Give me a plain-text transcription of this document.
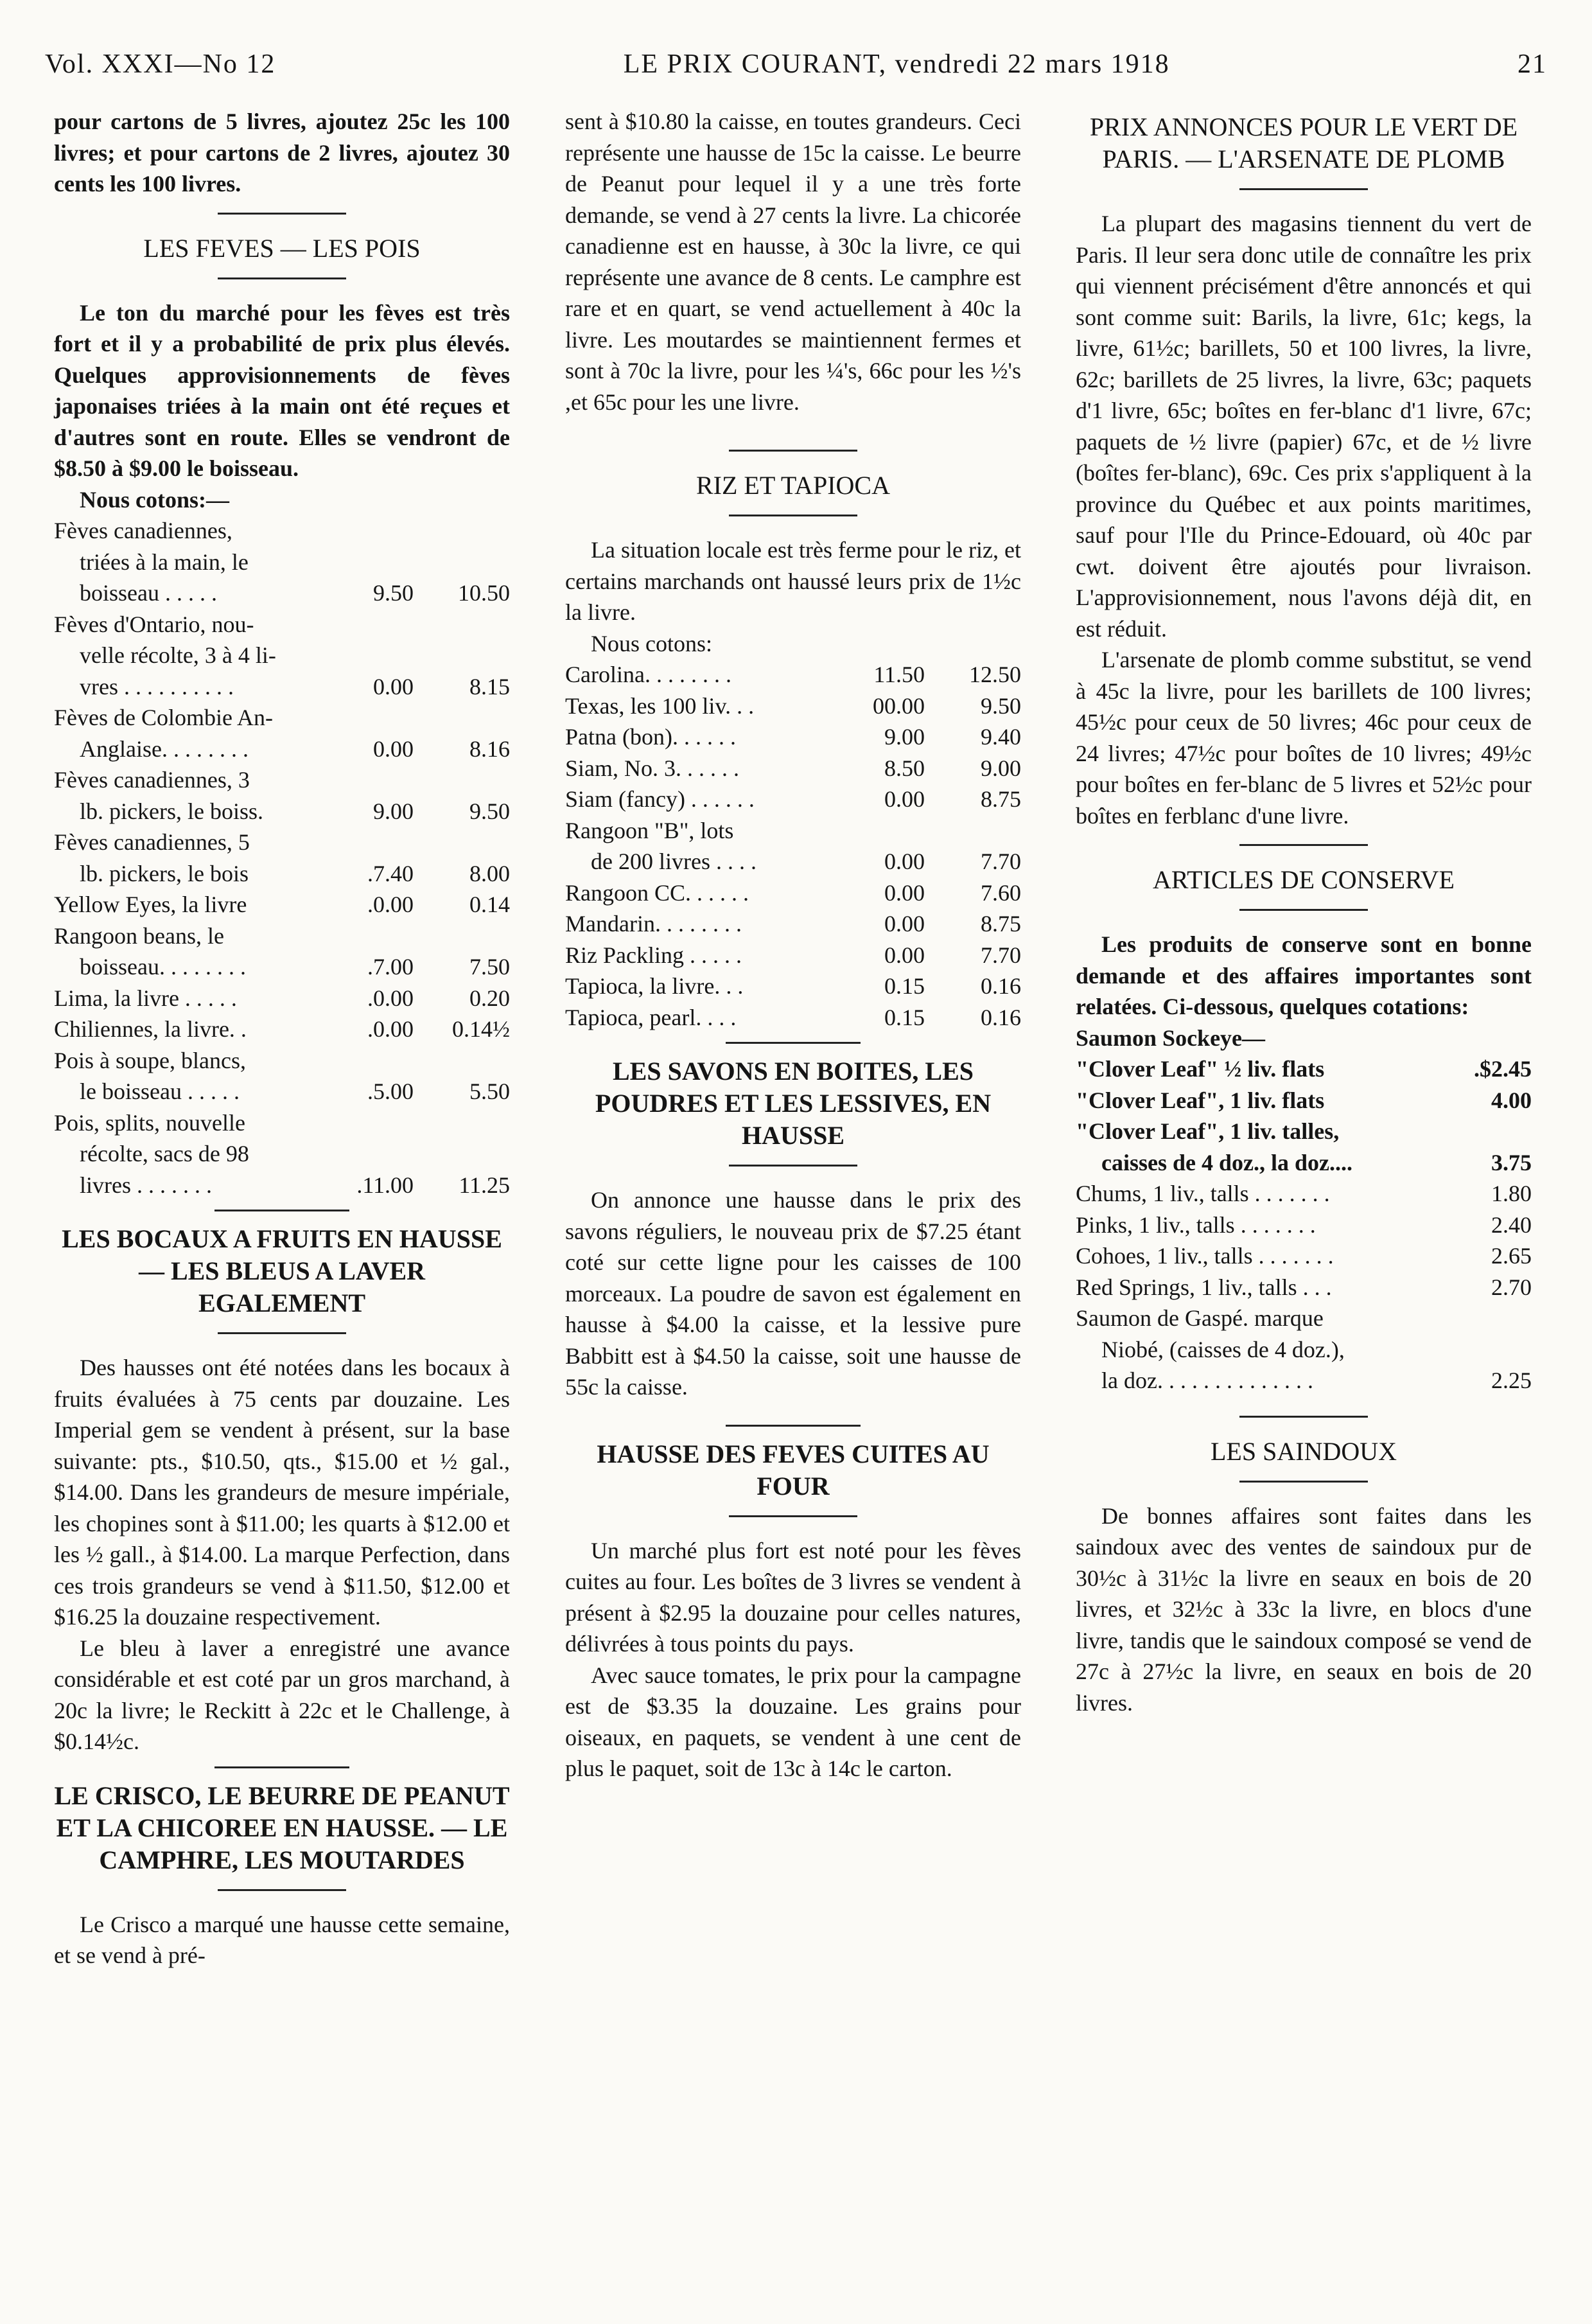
Vol. XXXI—No 12	LE PRIX COURANT, vendredi 22 mars 1918	21

pour cartons de 5 livres, ajoutez 25c les 100 livres; et pour cartons de 2 livres, ajoutez 30 cents les 100 livres.

LES FEVES — LES POIS

Le ton du marché pour les fèves est très fort et il y a probabilité de prix plus élevés. Quelques approvisionnements de fèves japonaises triées à la main ont été reçues et d'autres sont en route. Elles se vendront de $8.50 à $9.00 le boisseau.

Nous cotons:—

Fèves canadiennes,
triées à la main, le
boisseau . . . . .	9.50	10.50
Fèves d'Ontario, nou-
velle récolte, 3 à 4 li-
vres . . . . . . . . . .	0.00	8.15
Fèves de Colombie An-
Anglaise. . . . . . . .	0.00	8.16
Fèves canadiennes, 3
lb. pickers, le boiss.	9.00	9.50
Fèves canadiennes, 5
lb. pickers, le bois	.7.40	8.00
Yellow Eyes, la livre	.0.00	0.14
Rangoon beans, le
boisseau. . . . . . . .	.7.00	7.50
Lima, la livre . . . . .	.0.00	0.20
Chiliennes, la livre. .	.0.00	0.14½
Pois à soupe, blancs,
le boisseau . . . . .	.5.00	5.50
Pois, splits, nouvelle
récolte, sacs de 98
livres . . . . . . .	.11.00	11.25
LES BOCAUX A FRUITS EN HAUSSE — LES BLEUS A LAVER EGALEMENT

Des hausses ont été notées dans les bocaux à fruits évaluées à 75 cents par douzaine. Les Imperial gem se vendent à présent, sur la base suivante: pts., $10.50, qts., $15.00 et ½ gal., $14.00. Dans les grandeurs de mesure impériale, les chopines sont à $11.00; les quarts à $12.00 et les ½ gall., à $14.00. La marque Perfection, dans ces trois grandeurs se vend à $11.50, $12.00 et $16.25 la douzaine respectivement.

Le bleu à laver a enregistré une avance considérable et est coté par un gros marchand, à 20c la livre; le Reckitt à 22c et le Challenge, à $0.14½c.

LE CRISCO, LE BEURRE DE PEANUT ET LA CHICOREE EN HAUSSE. — LE CAMPHRE, LES MOUTARDES

Le Crisco a marqué une hausse cette semaine, et se vend à pré-

sent à $10.80 la caisse, en toutes grandeurs. Ceci représente une hausse de 15c la caisse. Le beurre de Peanut pour lequel il y a une très forte demande, se vend à 27 cents la livre. La chicorée canadienne est en hausse, à 30c la livre, ce qui représente une avance de 8 cents. Le camphre est rare et en quart, se vend actuellement à 40c la livre. Les moutardes se maintiennent fermes et sont à 70c la livre, pour les ¼'s, 66c pour les ½'s ,et 65c pour les une livre.

RIZ ET TAPIOCA

La situation locale est très ferme pour le riz, et certains marchands ont haussé leurs prix de 1½c la livre.

Nous cotons:

Carolina. . . . . . . .	11.50	12.50
Texas, les 100 liv. . .	00.00	9.50
Patna (bon). . . . . .	9.00	9.40
Siam, No. 3. . . . . .	8.50	9.00
Siam (fancy) . . . . . .	0.00	8.75
Rangoon "B", lots
de 200 livres . . . .	0.00	7.70
Rangoon CC. . . . . .	0.00	7.60
Mandarin. . . . . . . .	0.00	8.75
Riz Packling . . . . .	0.00	7.70
Tapioca, la livre. . .	0.15	0.16
Tapioca, pearl. . . .	0.15	0.16
LES SAVONS EN BOITES, LES POUDRES ET LES LESSIVES, EN HAUSSE

On annonce une hausse dans le prix des savons réguliers, le nouveau prix de $7.25 étant coté sur cette ligne pour les caisses de 100 morceaux. La poudre de savon est également en hausse à $4.00 la caisse, et la lessive pure Babbitt est à $4.50 la caisse, soit une hausse de 55c la caisse.

HAUSSE DES FEVES CUITES AU FOUR

Un marché plus fort est noté pour les fèves cuites au four. Les boîtes de 3 livres se vendent à présent à $2.95 la douzaine pour celles natures, délivrées à tous points du pays.

Avec sauce tomates, le prix pour la campagne est de $3.35 la douzaine. Les grains pour oiseaux, en paquets, se vendent à une cent de plus le paquet, soit de 13c à 14c le carton.

PRIX ANNONCES POUR LE VERT DE PARIS. — L'ARSENATE DE PLOMB

La plupart des magasins tiennent du vert de Paris. Il leur sera donc utile de connaître les prix qui viennent précisément d'être annoncés et qui sont comme suit: Barils, la livre, 61c; kegs, la livre, 61½c; barillets, 50 et 100 livres, la livre, 62c; barillets de 25 livres, la livre, 63c; paquets d'1 livre, 65c; boîtes en fer-blanc d'1 livre, 67c; paquets de ½ livre (papier) 67c, et de ½ livre (boîtes fer-blanc), 69c. Ces prix s'appliquent à la province du Québec et aux points maritimes, sauf pour l'Ile du Prince-Edouard, où 40c par cwt. doivent être ajoutés pour livraison. L'approvisionnement, nous l'avons déjà dit, en est réduit.

L'arsenate de plomb comme substitut, se vend à 45c la livre, pour les barillets de 100 livres; 45½c pour ceux de 50 livres; 46c pour ceux de 24 livres; 47½c pour boîtes de 10 livres; 49½c pour boîtes en fer-blanc de 5 livres et 52½c pour boîtes en ferblanc d'une livre.

ARTICLES DE CONSERVE

Les produits de conserve sont en bonne demande et des affaires importantes sont relatées. Ci-dessous, quelques cotations:

Saumon Sockeye—

"Clover Leaf" ½ liv. flats	.$2.45
"Clover Leaf", 1 liv. flats	4.00
"Clover Leaf", 1 liv. talles,
caisses de 4 doz., la doz....	3.75
Chums, 1 liv., talls . . . . . . .	1.80
Pinks, 1 liv., talls . . . . . . .	2.40
Cohoes, 1 liv., talls . . . . . . .	2.65
Red Springs, 1 liv., talls . . .	2.70
Saumon de Gaspé. marque
Niobé, (caisses de 4 doz.),
la doz. . . . . . . . . . . . . .	2.25
LES SAINDOUX

De bonnes affaires sont faites dans les saindoux avec des ventes de saindoux pur de 30½c à 31½c la livre en seaux en bois de 20 livres, et 32½c à 33c la livre, en blocs d'une livre, tandis que le saindoux composé se vend de 27c à 27½c la livre, en seaux en bois de 20 livres.
